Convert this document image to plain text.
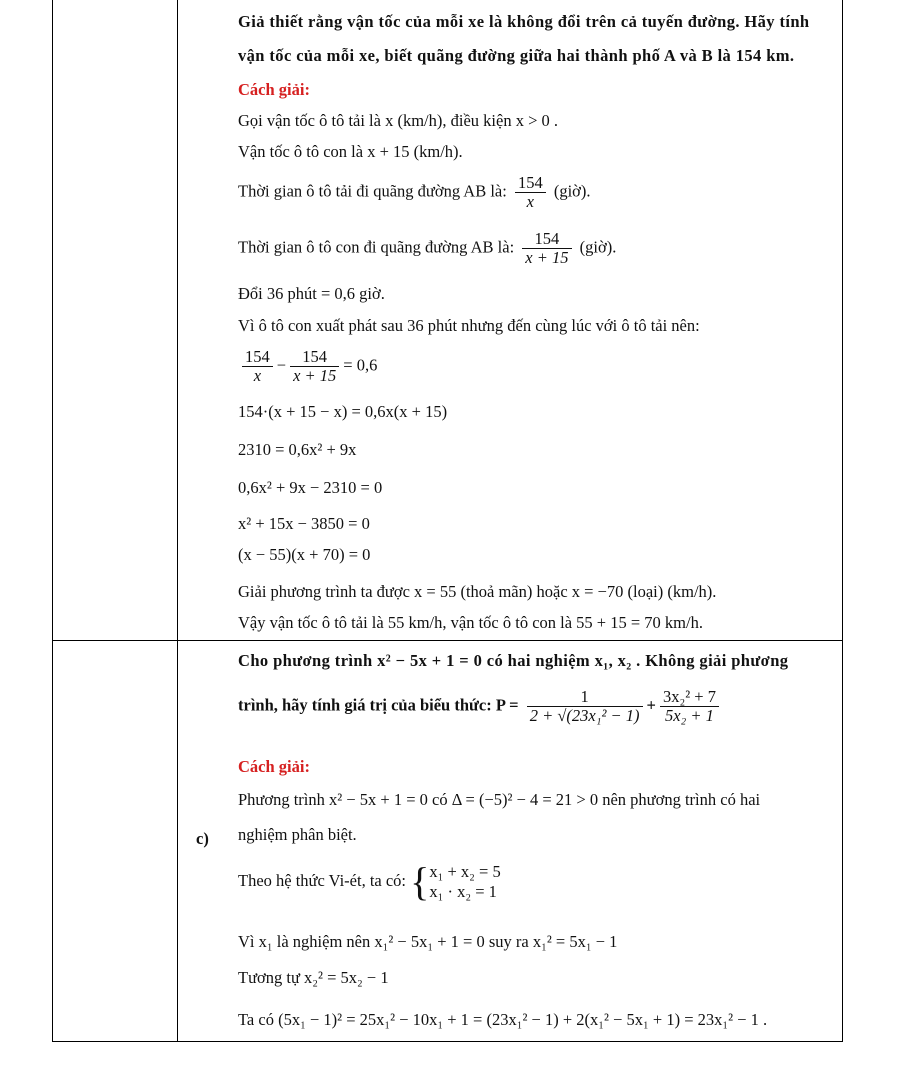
Giả thiết rằng vận tốc của mỗi xe là không đổi trên cả tuyến đường. Hãy tính
vận tốc của mỗi xe, biết quãng đường giữa hai thành phố A và B là 154 km.
Cách giải:
Gọi vận tốc ô tô tải là x (km/h), điều kiện x > 0 .
Vận tốc ô tô con là x + 15 (km/h).
Thời gian ô tô tải đi quãng đường AB là: $\frac{154}{x}$ (giờ).
Thời gian ô tô con đi quãng đường AB là: $\frac{154}{x + 15}$ (giờ).
Đổi 36 phút = 0,6 giờ.
Vì ô tô con xuất phát sau 36 phút nhưng đến cùng lúc với ô tô tải nên:
$\frac{154}{x} - \frac{154}{x + 15} = 0,6$
154·(x + 15 − x) = 0,6x(x + 15)
2310 = 0,6x² + 9x
0,6x² + 9x − 2310 = 0
x² + 15x − 3850 = 0
(x − 55)(x + 70) = 0
Giải phương trình ta được x = 55 (thoả mãn) hoặc x = −70 (loại) (km/h).
Vậy vận tốc ô tô tải là 55 km/h, vận tốc ô tô con là 55 + 15 = 70 km/h.
c)
Cho phương trình x² − 5x + 1 = 0 có hai nghiệm x₁, x₂ . Không giải phương
trình, hãy tính giá trị của biểu thức: $P = \frac{1}{\text{2 + √(23x₁² − 1)}} + \frac{\text{3x₂² + 7}}{\text{5x₂ + 1}}$
Cách giải:
Phương trình x² − 5x + 1 = 0 có Δ = (−5)² − 4 = 21 > 0 nên phương trình có hai
nghiệm phân biệt.
Theo hệ thức Vi-ét, ta có: { x₁ + x₂ = 5
x₁ · x₂ = 1
Vì x₁ là nghiệm nên x₁² − 5x₁ + 1 = 0 suy ra x₁² = 5x₁ − 1
Tương tự x₂² = 5x₂ − 1
Ta có (5x₁ − 1)² = 25x₁² − 10x₁ + 1 = (23x₁² − 1) + 2(x₁² − 5x₁ + 1) = 23x₁² − 1 .
